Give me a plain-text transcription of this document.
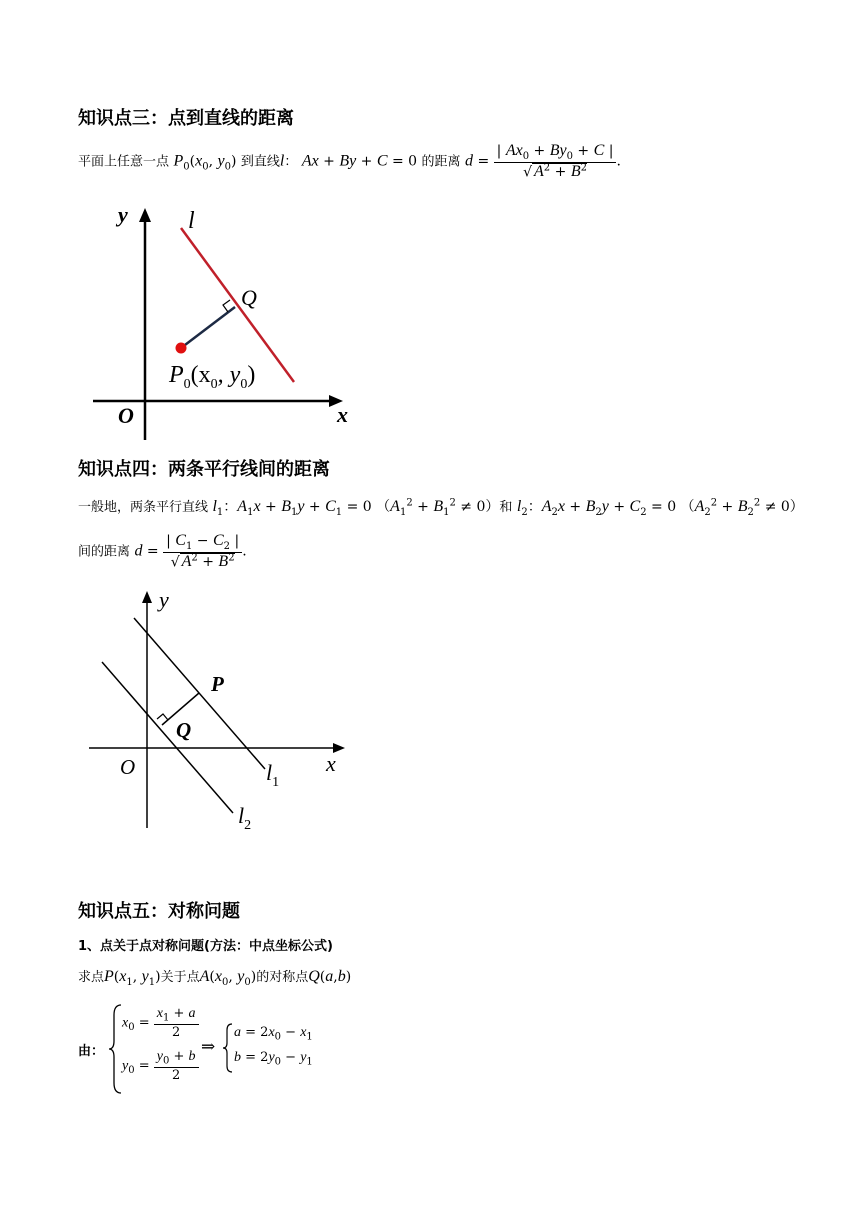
知识点三：点到直线的距离
平面上任意一点 $P_0(x_0$, $y_0$) 到直线l： Ax + By + C = 0 的距离 $d = \frac{| Ax_0 + By_0 + C |}{√ A^2 + B^2}$ .
y	l
Q
$P_0(x_0$, $y_0$)
O	x
知识点四：两条平行线间的距离
一般地，两条平行直线 $l_1$：$A_1x + B_1y + C_1 = 0$ $(A_1^2 + B_1^2 \ne 0)$和 $l_2$：$A_2x + B_2y + C_2 = 0$ $(A_2^2 + B_2^2 \ne 0)$
间的距离 $d = \frac{| C_1 - C_2 |}{√ A^2 + B^2}$ .
y
P
Q
O	x
$l_1$
$l_2$
知识点五：对称问题
1、点关于点对称问题(方法：中点坐标公式)
求点$P(x_1$, $y_1$)关于点$A(x_0$, $y_0$)的对称点Q(a,b)
由：
$x_0 = \frac{x_1 + a}{2}$
$y_0 = \frac{y_0 + b}{2}$
⇒
$a = 2x_0 - x_1$
$b = 2y_0 - y_1$
